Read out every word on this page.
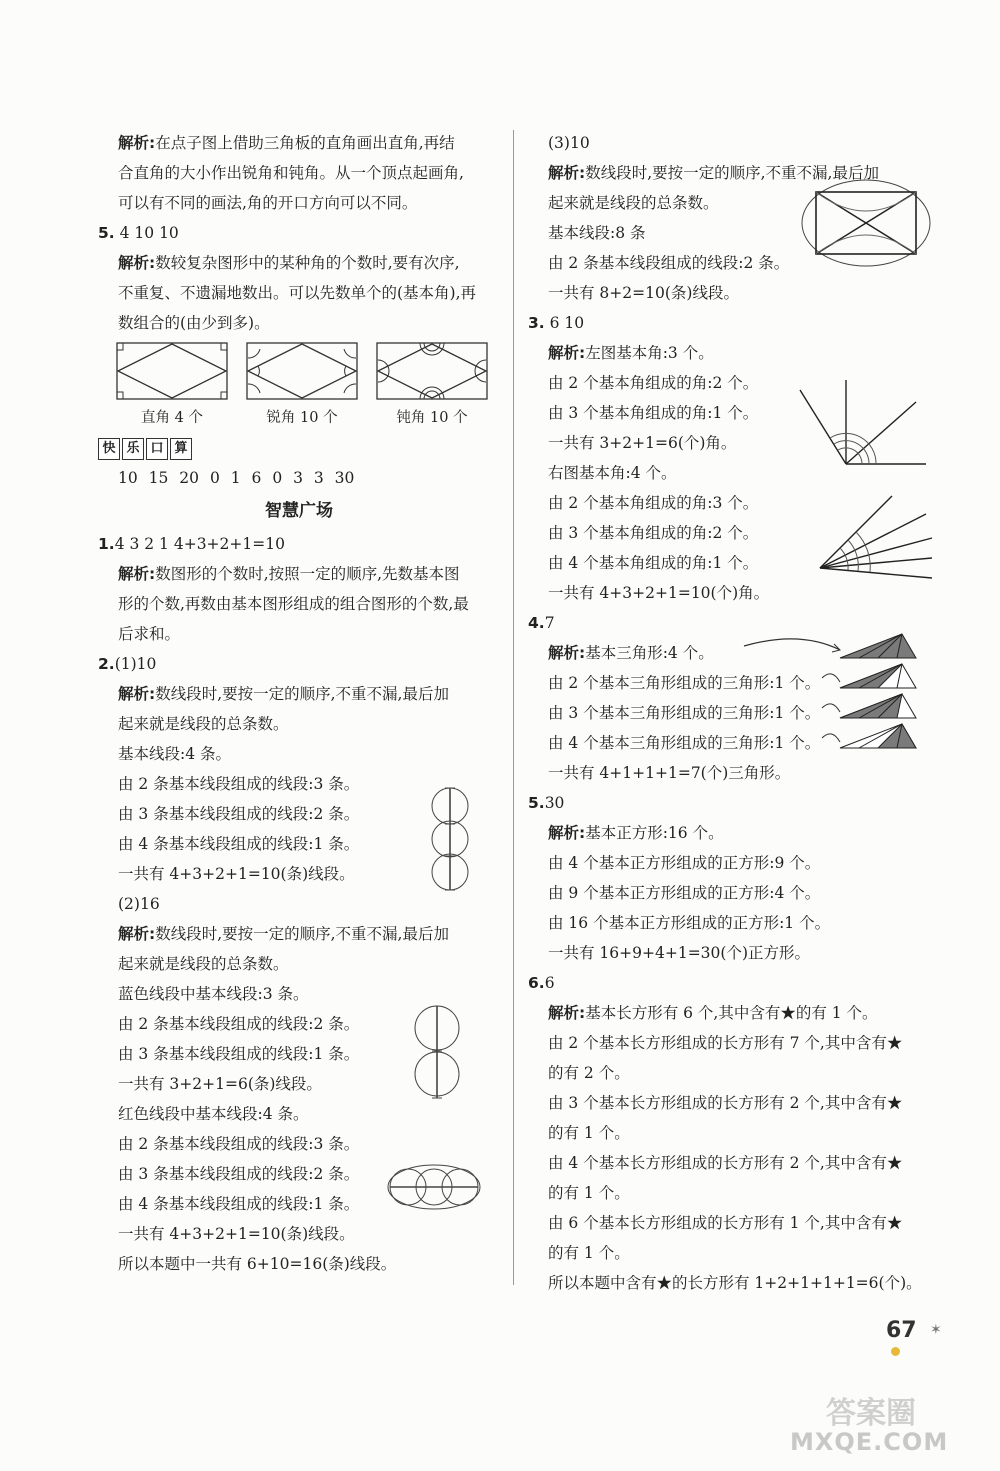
解析:在点子图上借助三角板的直角画出直角,再结
合直角的大小作出锐角和钝角。从一个顶点起画角,
可以有不同的画法,角的开口方向可以不同。
5. 4 10 10
解析:数较复杂图形中的某种角的个数时,要有次序,
不重复、不遗漏地数出。可以先数单个的(基本角),再
数组合的(由少到多)。
直角 4 个	锐角 10 个	钝角 10 个
快 乐 口 算
10 15 20 0 1 6 0 3 3 30
智慧广场
1.4 3 2 1 4+3+2+1=10
解析:数图形的个数时,按照一定的顺序,先数基本图
形的个数,再数由基本图形组成的组合图形的个数,最
后求和。
2.(1)10
解析:数线段时,要按一定的顺序,不重不漏,最后加
起来就是线段的总条数。
基本线段:4 条。
由 2 条基本线段组成的线段:3 条。
由 3 条基本线段组成的线段:2 条。
由 4 条基本线段组成的线段:1 条。
一共有 4+3+2+1=10(条)线段。
(2)16
解析:数线段时,要按一定的顺序,不重不漏,最后加
起来就是线段的总条数。
蓝色线段中基本线段:3 条。
由 2 条基本线段组成的线段:2 条。
由 3 条基本线段组成的线段:1 条。
一共有 3+2+1=6(条)线段。
红色线段中基本线段:4 条。
由 2 条基本线段组成的线段:3 条。
由 3 条基本线段组成的线段:2 条。
由 4 条基本线段组成的线段:1 条。
一共有 4+3+2+1=10(条)线段。
所以本题中一共有 6+10=16(条)线段。
(3)10
解析:数线段时,要按一定的顺序,不重不漏,最后加
起来就是线段的总条数。
基本线段:8 条
由 2 条基本线段组成的线段:2 条。
一共有 8+2=10(条)线段。
3. 6 10
解析:左图基本角:3 个。
由 2 个基本角组成的角:2 个。
由 3 个基本角组成的角:1 个。
一共有 3+2+1=6(个)角。
右图基本角:4 个。
由 2 个基本角组成的角:3 个。
由 3 个基本角组成的角:2 个。
由 4 个基本角组成的角:1 个。
一共有 4+3+2+1=10(个)角。
4.7
解析:基本三角形:4 个。
由 2 个基本三角形组成的三角形:1 个。
由 3 个基本三角形组成的三角形:1 个。
由 4 个基本三角形组成的三角形:1 个。
一共有 4+1+1+1=7(个)三角形。
5.30
解析:基本正方形:16 个。
由 4 个基本正方形组成的正方形:9 个。
由 9 个基本正方形组成的正方形:4 个。
由 16 个基本正方形组成的正方形:1 个。
一共有 16+9+4+1=30(个)正方形。
6.6
解析:基本长方形有 6 个,其中含有★的有 1 个。
由 2 个基本长方形组成的长方形有 7 个,其中含有★
的有 2 个。
由 3 个基本长方形组成的长方形有 2 个,其中含有★
的有 1 个。
由 4 个基本长方形组成的长方形有 2 个,其中含有★
的有 1 个。
由 6 个基本长方形组成的长方形有 1 个,其中含有★
的有 1 个。
所以本题中含有★的长方形有 1+2+1+1+1=6(个)。
67 ✶
答案圈
MXQE.COM
